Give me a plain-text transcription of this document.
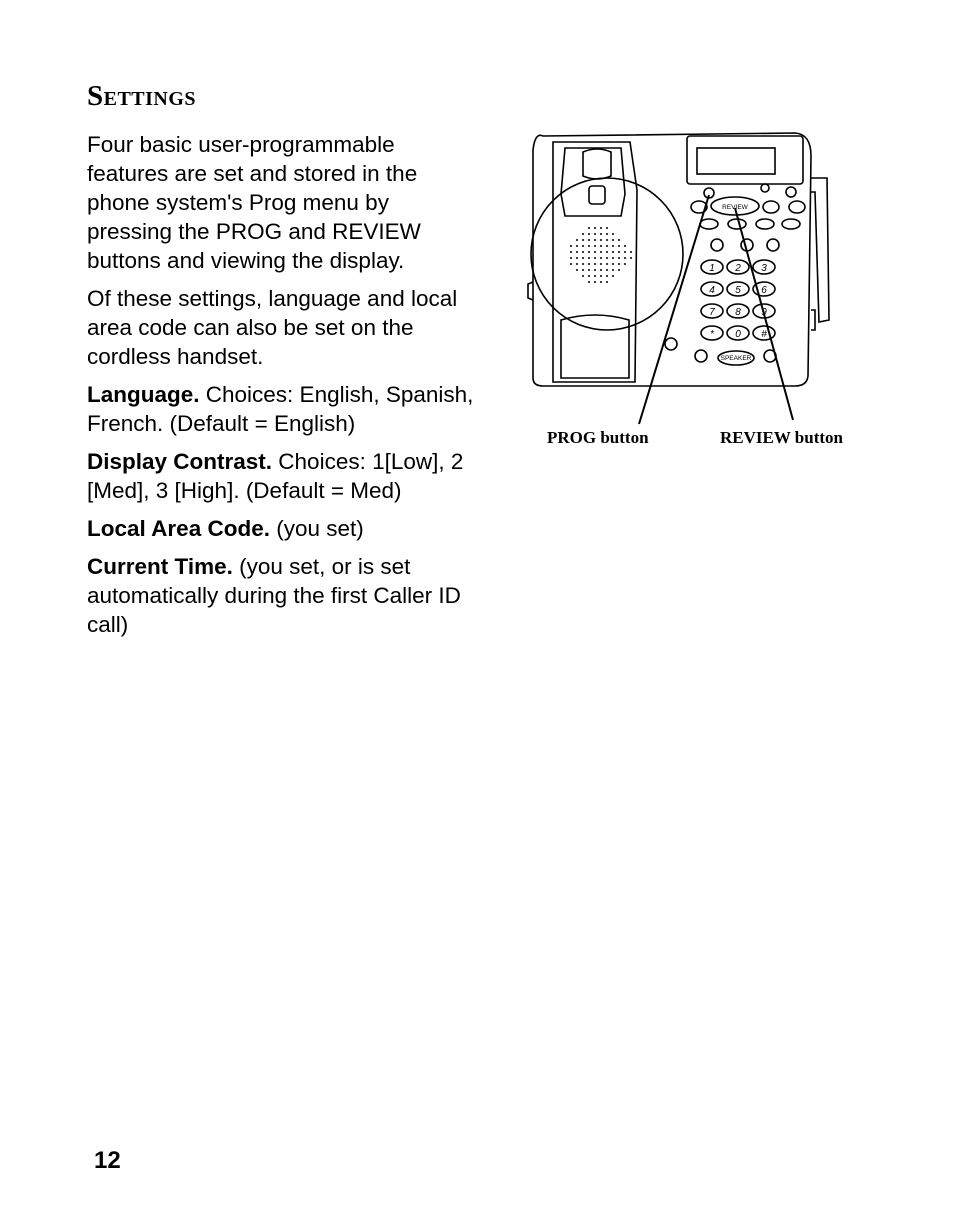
Settings

Four basic user-programmable features are set and stored in the phone system's Prog menu by pressing the PROG and REVIEW buttons and viewing the display.

Of these settings, language and local area code can also be set on the cordless handset.

Language. Choices: English, Spanish, French. (Default = English)

Display Contrast. Choices: 1[Low], 2 [Med], 3 [High]. (Default = Med)

Local Area Code. (you set)

Current Time. (you set, or is set automatically during the first Caller ID call)

1 2 3
4 5 6
7 8 9
* 0 #
REVIEW
SPEAKER
PROG button	REVIEW button
12
